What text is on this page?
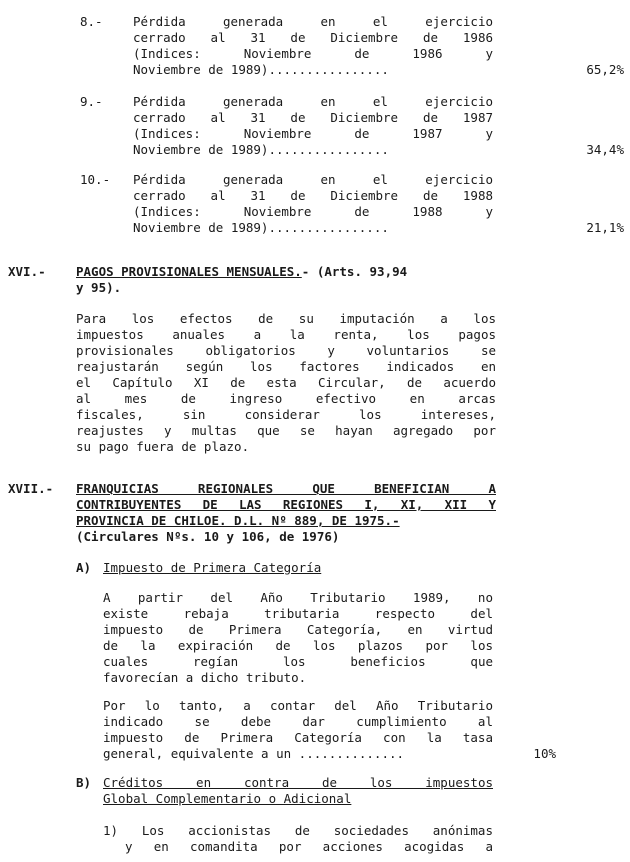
8.- Pérdida generada en el ejercicio
cerrado al 31 de Diciembre de 1986
(Indices: Noviembre de 1986 y
Noviembre de 1989)................	65,2%
9.- Pérdida generada en el ejercicio
cerrado al 31 de Diciembre de 1987
(Indices: Noviembre de 1987 y
Noviembre de 1989)................	34,4%
10.- Pérdida generada en el ejercicio
cerrado al 31 de Diciembre de 1988
(Indices: Noviembre de 1988 y
Noviembre de 1989)................	21,1%
XVI.- PAGOS PROVISIONALES MENSUALES.- (Arts. 93,94
y 95).
Para los efectos de su imputación a los
impuestos anuales a la renta, los pagos
provisionales obligatorios y voluntarios se
reajustarán según los factores indicados en
el Capítulo XI de esta Circular, de acuerdo
al mes de ingreso efectivo en arcas
fiscales, sin considerar los intereses,
reajustes y multas que se hayan agregado por
su pago fuera de plazo.
XVII.- FRANQUICIAS REGIONALES QUE BENEFICIAN A
CONTRIBUYENTES DE LAS REGIONES I, XI, XII Y
PROVINCIA DE CHILOE. D.L. Nº 889, DE 1975.-
(Circulares Nºs. 10 y 106, de 1976)
A) Impuesto de Primera Categoría
A partir del Año Tributario 1989, no
existe rebaja tributaria respecto del
impuesto de Primera Categoría, en virtud
de la expiración de los plazos por los
cuales regían los beneficios que
favorecían a dicho tributo.
Por lo tanto, a contar del Año Tributario
indicado se debe dar cumplimiento al
impuesto de Primera Categoría con la tasa
general, equivalente a un ..............	10%
B) Créditos en contra de los impuestos
Global Complementario o Adicional
1) Los accionistas de sociedades anónimas
y en comandita por acciones acogidas a
